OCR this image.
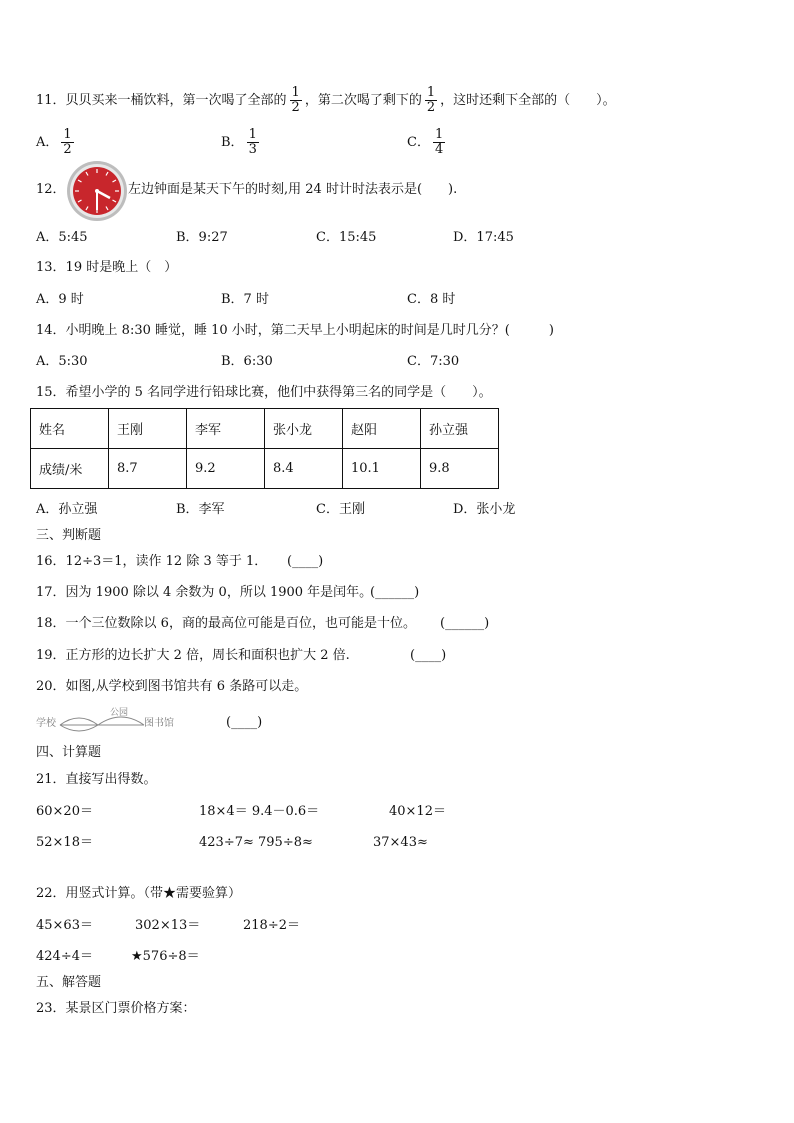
11．贝贝买来一桶饮料，第一次喝了全部的 $\frac{1}{2}$ ，第二次喝了剩下的 $\frac{1}{2}$ ，这时还剩下全部的（　　）。
A． $\frac{1}{2}$	B． $\frac{1}{3}$	C． $\frac{1}{4}$
12．	左边钟面是某天下午的时刻,用 24 时计时法表示是(　　).
A．5:45	B．9:27	C．15:45	D．17:45
13．19 时是晚上（　）
A．9 时	B．7 时	C．8 时
14．小明晚上 8:30 睡觉，睡 10 小时，第二天早上小明起床的时间是几时几分？(　　　)
A．5:30	B．6:30	C．7:30
15．希望小学的 5 名同学进行铅球比赛，他们中获得第三名的同学是（　　）。
姓名	王刚	李军	张小龙	赵阳	孙立强
成绩/米	8.7	9.2	8.4	10.1	9.8
A．孙立强	B．李军	C．王刚	D．张小龙
三、判断题
16．12÷3＝1，读作 12 除 3 等于 1． (____)
17．因为 1900 除以 4 余数为 0，所以 1900 年是闰年。
(______)
18．一个三位数除以 6，商的最高位可能是百位，也可能是十位。 (______)
19．正方形的边长扩大 2 倍，周长和面积也扩大 2 倍.	(____)
20．如图,从学校到图书馆共有 6 条路可以走。
学校
公园
图书馆	(____)
四、计算题
21．直接写出得数。
60×20＝	18×4＝ 9.4－0.6＝	40×12＝
52×18＝	423÷7≈ 795÷8≈	37×43≈
22．用竖式计算。（带★需要验算）
45×63＝	302×13＝	218÷2＝
424÷4＝	★576÷8＝
五、解答题
23．某景区门票价格方案：
